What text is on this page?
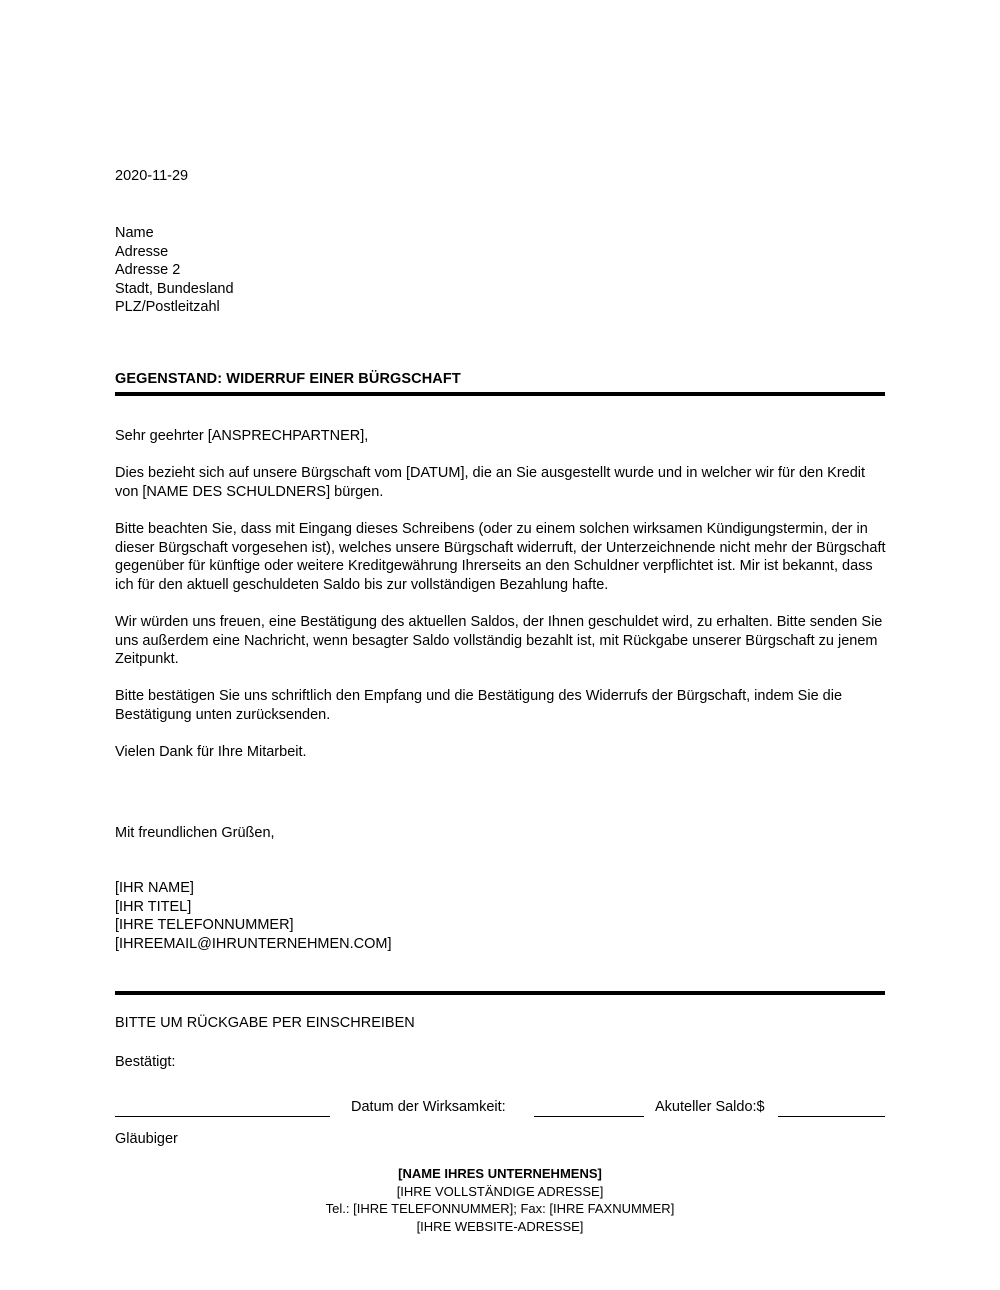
2020-11-29
Name
Adresse
Adresse 2
Stadt, Bundesland
PLZ/Postleitzahl
GEGENSTAND: WIDERRUF EINER BÜRGSCHAFT

Sehr geehrter [ANSPRECHPARTNER],

Dies bezieht sich auf unsere Bürgschaft vom [DATUM], die an Sie ausgestellt wurde und in welcher wir für den Kredit von [NAME DES SCHULDNERS] bürgen.

Bitte beachten Sie, dass mit Eingang dieses Schreibens (oder zu einem solchen wirksamen Kündigungstermin, der in dieser Bürgschaft vorgesehen ist), welches unsere Bürgschaft widerruft, der Unterzeichnende nicht mehr der Bürgschaft gegenüber für künftige oder weitere Kreditgewährung Ihrerseits an den Schuldner verpflichtet ist. Mir ist bekannt, dass ich für den aktuell geschuldeten Saldo bis zur vollständigen Bezahlung hafte.

Wir würden uns freuen, eine Bestätigung des aktuellen Saldos, der Ihnen geschuldet wird, zu erhalten. Bitte senden Sie uns außerdem eine Nachricht, wenn besagter Saldo vollständig bezahlt ist, mit Rückgabe unserer Bürgschaft zu jenem Zeitpunkt.

Bitte bestätigen Sie uns schriftlich den Empfang und die Bestätigung des Widerrufs der Bürgschaft, indem Sie die Bestätigung unten zurücksenden.

Vielen Dank für Ihre Mitarbeit.

Mit freundlichen Grüßen,
[IHR NAME]
[IHR TITEL]
[IHRE TELEFONNUMMER]
[IHREEMAIL@IHRUNTERNEHMEN.COM]
BITTE UM RÜCKGABE PER EINSCHREIBEN
Bestätigt:
Datum der Wirksamkeit:	Akuteller Saldo:$
Gläubiger
[NAME IHRES UNTERNEHMENS]
[IHRE VOLLSTÄNDIGE ADRESSE]
Tel.: [IHRE TELEFONNUMMER]; Fax: [IHRE FAXNUMMER]
[IHRE WEBSITE-ADRESSE]
